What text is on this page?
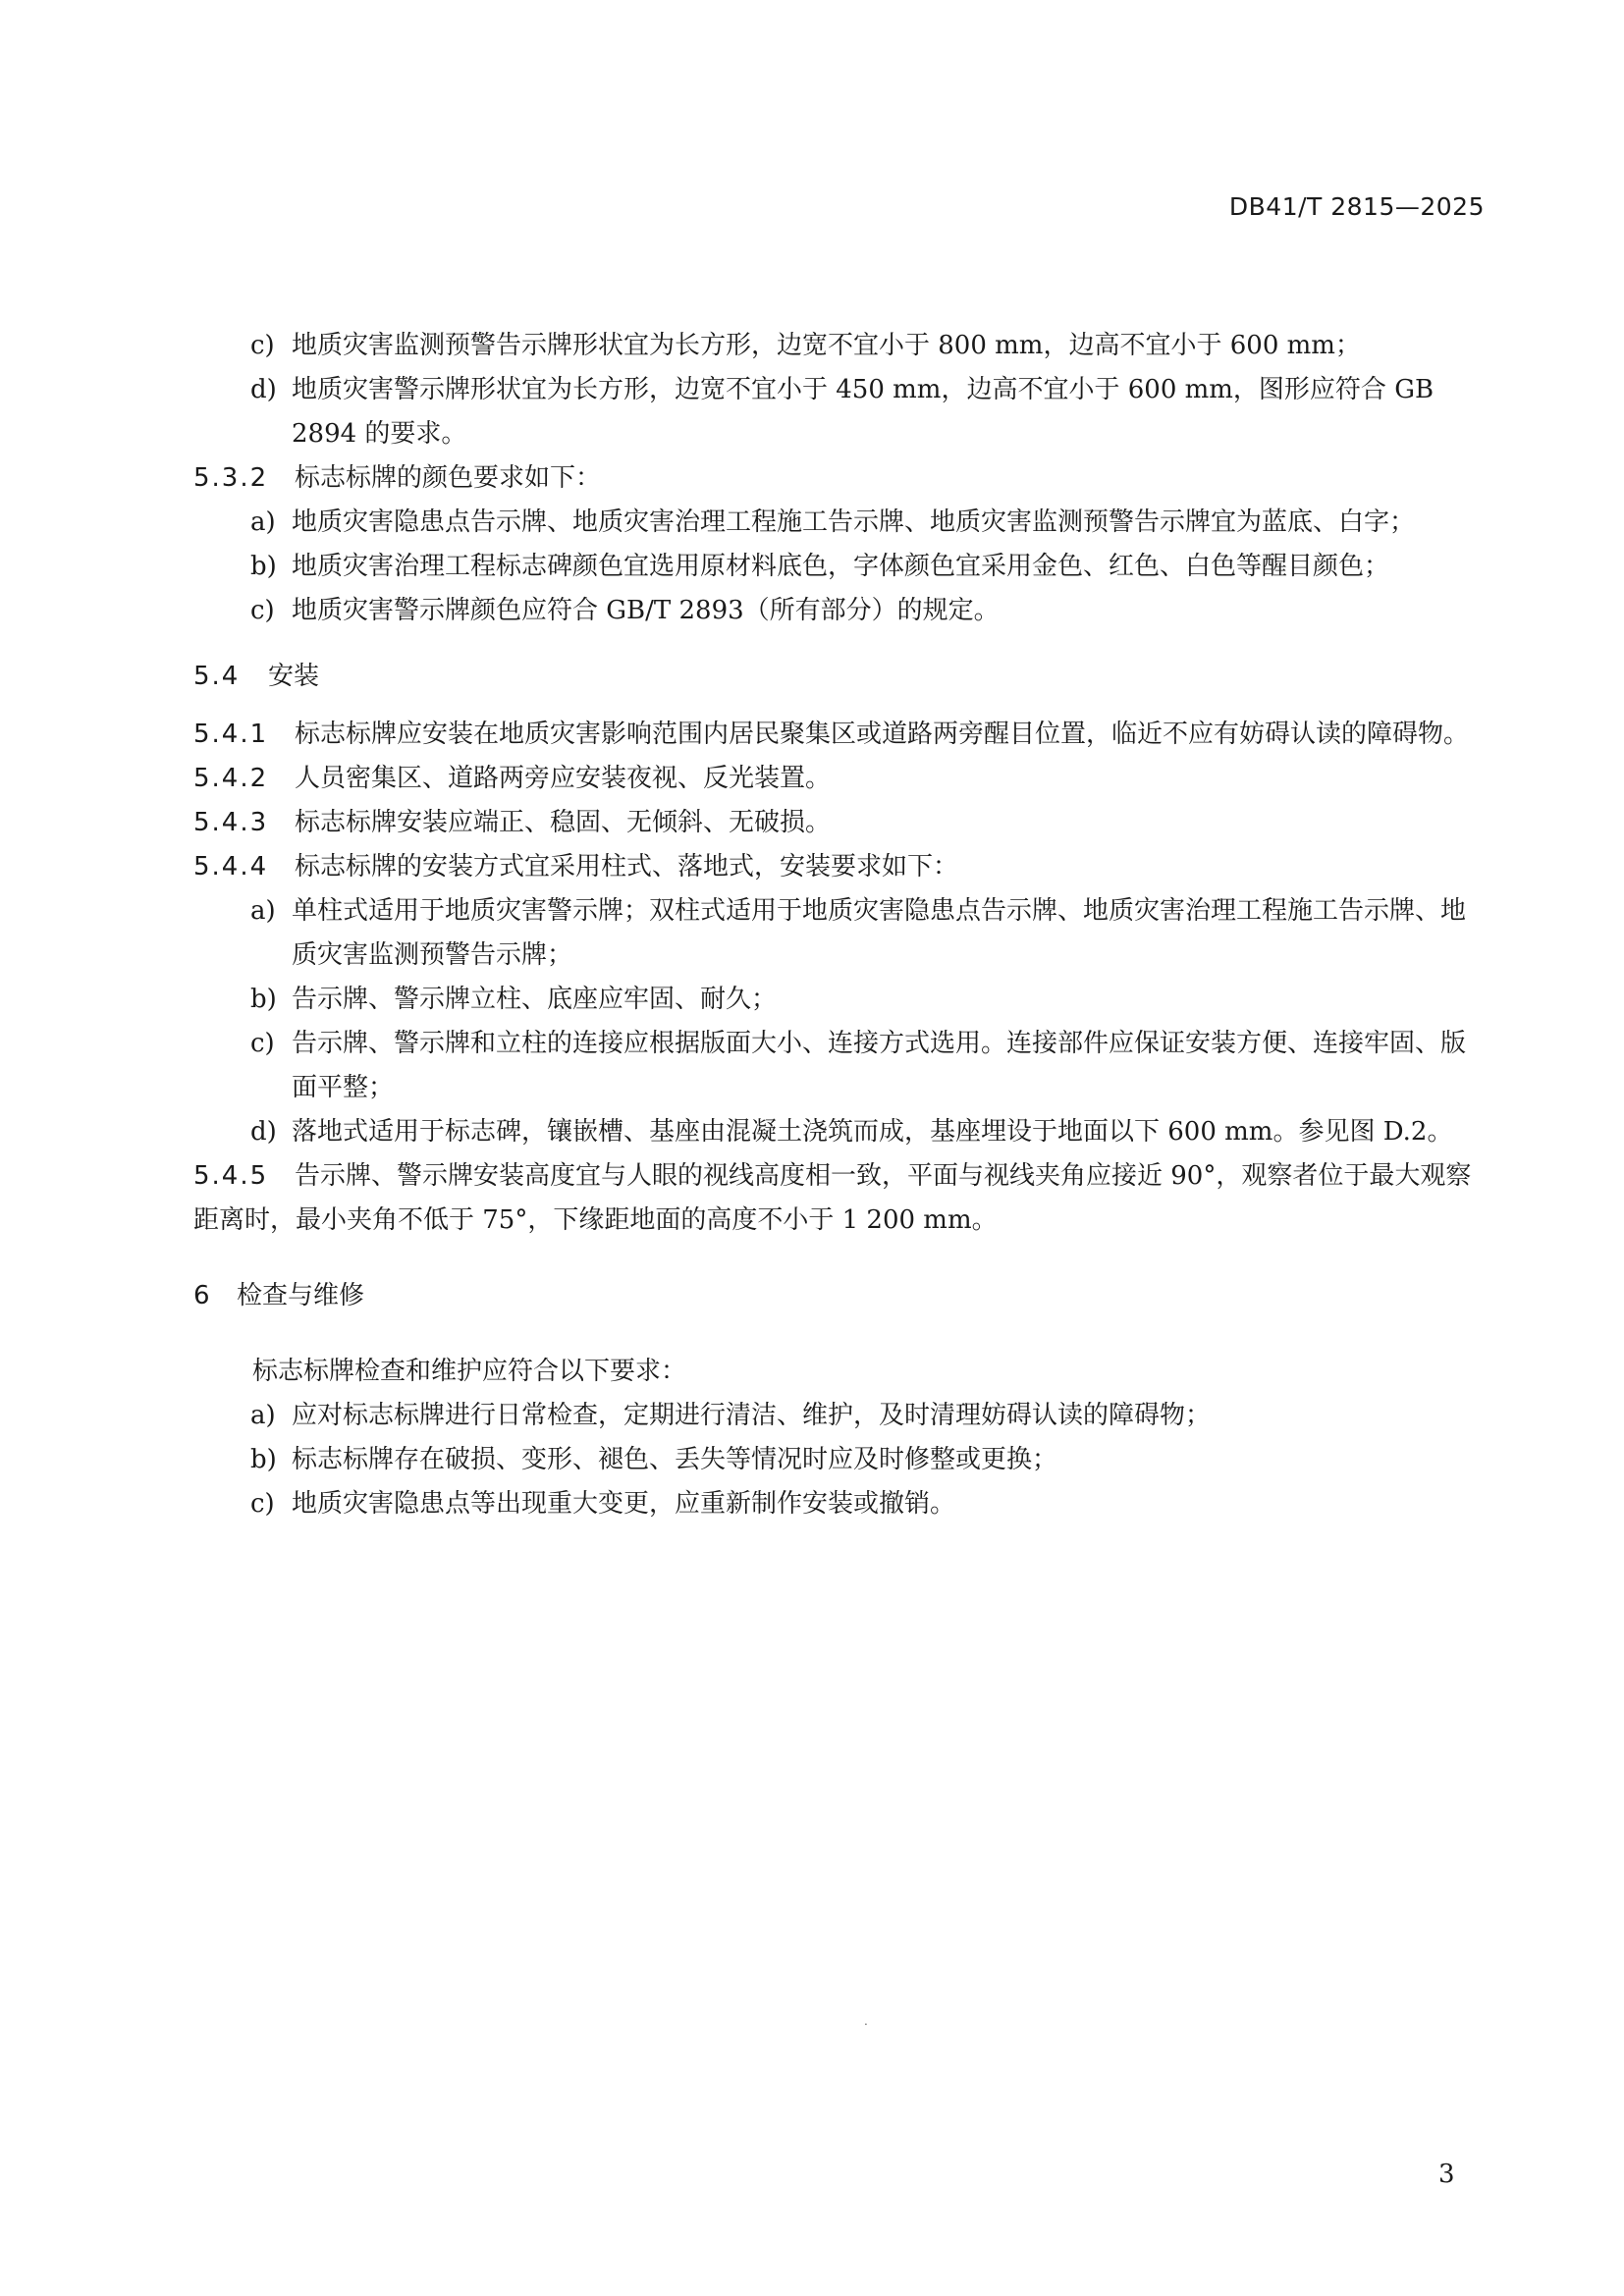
DB41/T 2815—2025
c) 地质灾害监测预警告示牌形状宜为长方形，边宽不宜小于 800 mm，边高不宜小于 600 mm；
d) 地质灾害警示牌形状宜为长方形，边宽不宜小于 450 mm，边高不宜小于 600 mm，图形应符合 GB 2894 的要求。
5.3.2 标志标牌的颜色要求如下：
a) 地质灾害隐患点告示牌、地质灾害治理工程施工告示牌、地质灾害监测预警告示牌宜为蓝底、白字；
b) 地质灾害治理工程标志碑颜色宜选用原材料底色，字体颜色宜采用金色、红色、白色等醒目颜色；
c) 地质灾害警示牌颜色应符合 GB/T 2893（所有部分）的规定。
5.4 安装
5.4.1 标志标牌应安装在地质灾害影响范围内居民聚集区或道路两旁醒目位置，临近不应有妨碍认读的障碍物。
5.4.2 人员密集区、道路两旁应安装夜视、反光装置。
5.4.3 标志标牌安装应端正、稳固、无倾斜、无破损。
5.4.4 标志标牌的安装方式宜采用柱式、落地式，安装要求如下：
a) 单柱式适用于地质灾害警示牌；双柱式适用于地质灾害隐患点告示牌、地质灾害治理工程施工告示牌、地质灾害监测预警告示牌；
b) 告示牌、警示牌立柱、底座应牢固、耐久；
c) 告示牌、警示牌和立柱的连接应根据版面大小、连接方式选用。连接部件应保证安装方便、连接牢固、版面平整；
d) 落地式适用于标志碑，镶嵌槽、基座由混凝土浇筑而成，基座埋设于地面以下 600 mm。参见图 D.2。
5.4.5 告示牌、警示牌安装高度宜与人眼的视线高度相一致，平面与视线夹角应接近 90°，观察者位于最大观察距离时，最小夹角不低于 75°，下缘距地面的高度不小于 1 200 mm。
6 检查与维修

标志标牌检查和维护应符合以下要求：

a) 应对标志标牌进行日常检查，定期进行清洁、维护，及时清理妨碍认读的障碍物；
b) 标志标牌存在破损、变形、褪色、丢失等情况时应及时修整或更换；
c) 地质灾害隐患点等出现重大变更，应重新制作安装或撤销。
.
3
